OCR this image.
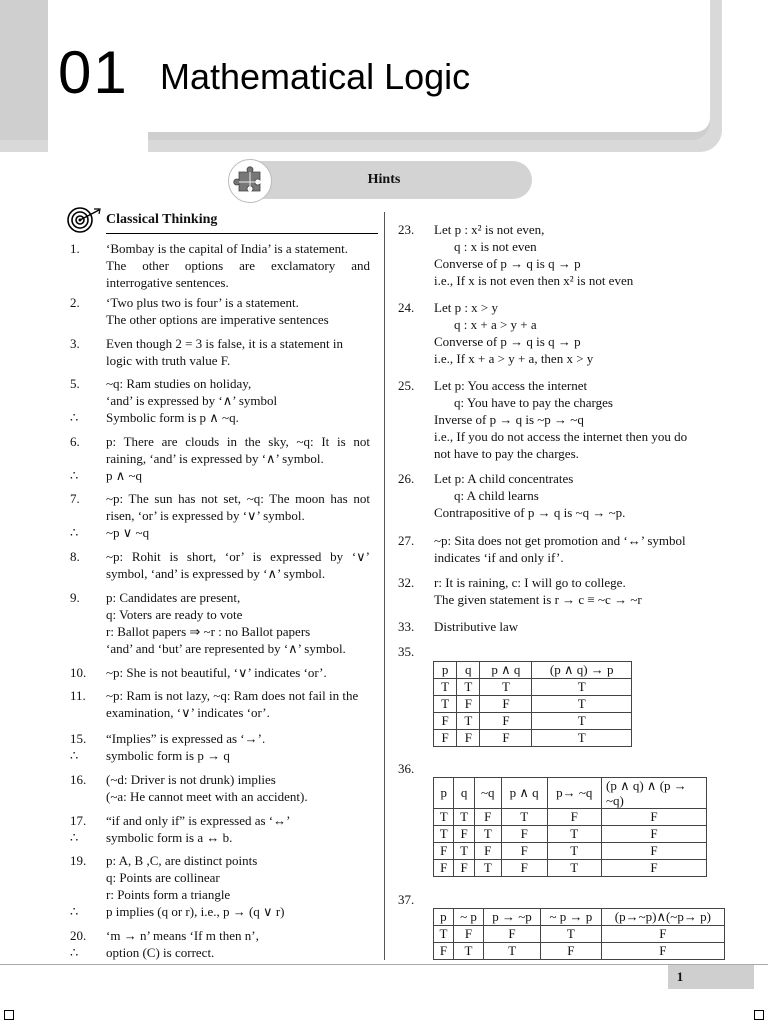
01 Mathematical Logic
Hints
Classical Thinking
1.	‘Bombay is the capital of India’ is a statement.
The other options are exclamatory and
interrogative sentences.
2.	‘Two plus two is four’ is a statement.
The other options are imperative sentences
3.	Even though 2 = 3 is false, it is a statement in
logic with truth value F.
5.	~q: Ram studies on holiday,
‘and’ is expressed by ‘∧’ symbol
Symbolic form is p ∧ ~q.
∴
6.	p: There are clouds in the sky, ~q: It is not
raining, ‘and’ is expressed by ‘∧’ symbol.
p ∧ ~q
∴
7.	~p: The sun has not set, ~q: The moon has not
risen, ‘or’ is expressed by ‘∨’ symbol.
~p ∨ ~q
∴
8.	~p: Rohit is short, ‘or’ is expressed by ‘∨’
symbol, ‘and’ is expressed by ‘∧’ symbol.
9.	p: Candidates are present,
q: Voters are ready to vote
r: Ballot papers ⇒ ~r : no Ballot papers
‘and’ and ‘but’ are represented by ‘∧’ symbol.
10.	~p: She is not beautiful, ‘∨’ indicates ‘or’.
11.	~p: Ram is not lazy, ~q: Ram does not fail in the
examination, ‘∨’ indicates ‘or’.
15.	“Implies” is expressed as ‘→’.
symbolic form is p → q
∴
16.	(~d: Driver is not drunk) implies
(~a: He cannot meet with an accident).
17.	“if and only if” is expressed as ‘↔’
symbolic form is a ↔ b.
∴
19.	p: A, B ,C, are distinct points
q: Points are collinear
r: Points form a triangle
p implies (q or r), i.e., p → (q ∨ r)
∴
20.	‘m → n’ means ‘If m then n’,
option (C) is correct.
∴
23.	Let p : x² is not even,
q : x is not even
Converse of p → q is q → p
i.e., If x is not even then x² is not even
24.	Let p : x > y
q : x + a > y + a
Converse of p → q is q → p
i.e., If x + a > y + a, then x > y
25.	Let p: You access the internet
q: You have to pay the charges
Inverse of p → q is ~p → ~q
i.e., If you do not access the internet then you do
not have to pay the charges.
26.	Let p: A child concentrates
q: A child learns
Contrapositive of p → q is ~q → ~p.
27.	~p: Sita does not get promotion and ‘↔’ symbol
indicates ‘if and only if’.
32.	r: It is raining, c: I will go to college.
The given statement is r → c ≡ ~c → ~r
33.	Distributive law
35.
p	q	p ∧ q	(p ∧ q) → p
T	T	T	T
T	F	F	T
F	T	F	T
F	F	F	T
36.
p	q	~q	p ∧ q	p→ ~q	(p ∧ q) ∧ (p → ~q)
T	T	F	T	F	F
T	F	T	F	T	F
F	T	F	F	T	F
F	F	T	F	T	F
37.
p	~ p	p → ~p	~ p → p	(p→~p)∧(~p→ p)
T	F	F	T	F
F	T	T	F	F
1
